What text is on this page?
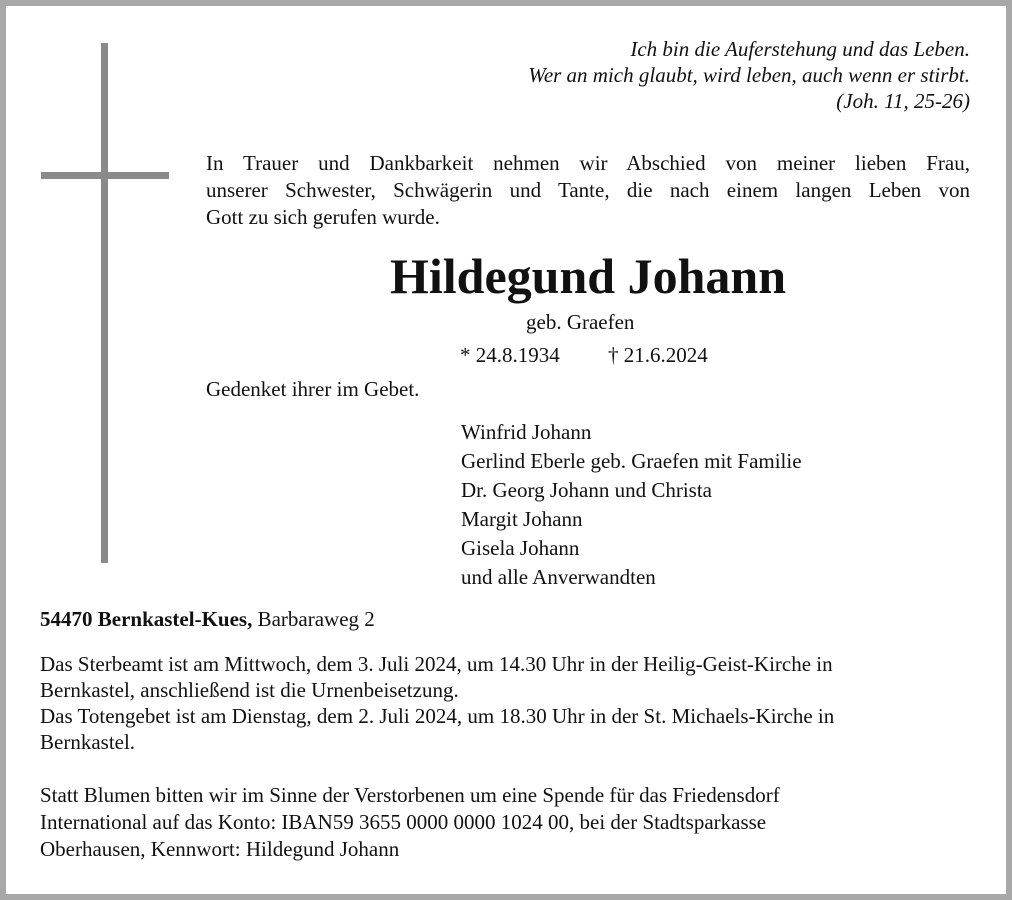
Ich bin die Auferstehung und das Leben.
Wer an mich glaubt, wird leben, auch wenn er stirbt.
(Joh. 11, 25-26)
In Trauer und Dankbarkeit nehmen wir Abschied von meiner lieben Frau,
unserer Schwester, Schwägerin und Tante, die nach einem langen Leben von
Gott zu sich gerufen wurde.
Hildegund Johann
geb. Graefen
* 24.8.1934 † 21.6.2024
Gedenket ihrer im Gebet.
Winfrid Johann
Gerlind Eberle geb. Graefen mit Familie
Dr. Georg Johann und Christa
Margit Johann
Gisela Johann
und alle Anverwandten
54470 Bernkastel-Kues, Barbaraweg 2
Das Sterbeamt ist am Mittwoch, dem 3. Juli 2024, um 14.30 Uhr in der Heilig-Geist-Kirche in
Bernkastel, anschließend ist die Urnenbeisetzung.
Das Totengebet ist am Dienstag, dem 2. Juli 2024, um 18.30 Uhr in der St. Michaels-Kirche in
Bernkastel.
Statt Blumen bitten wir im Sinne der Verstorbenen um eine Spende für das Friedensdorf
International auf das Konto: IBAN59 3655 0000 0000 1024 00, bei der Stadtsparkasse
Oberhausen, Kennwort: Hildegund Johann
